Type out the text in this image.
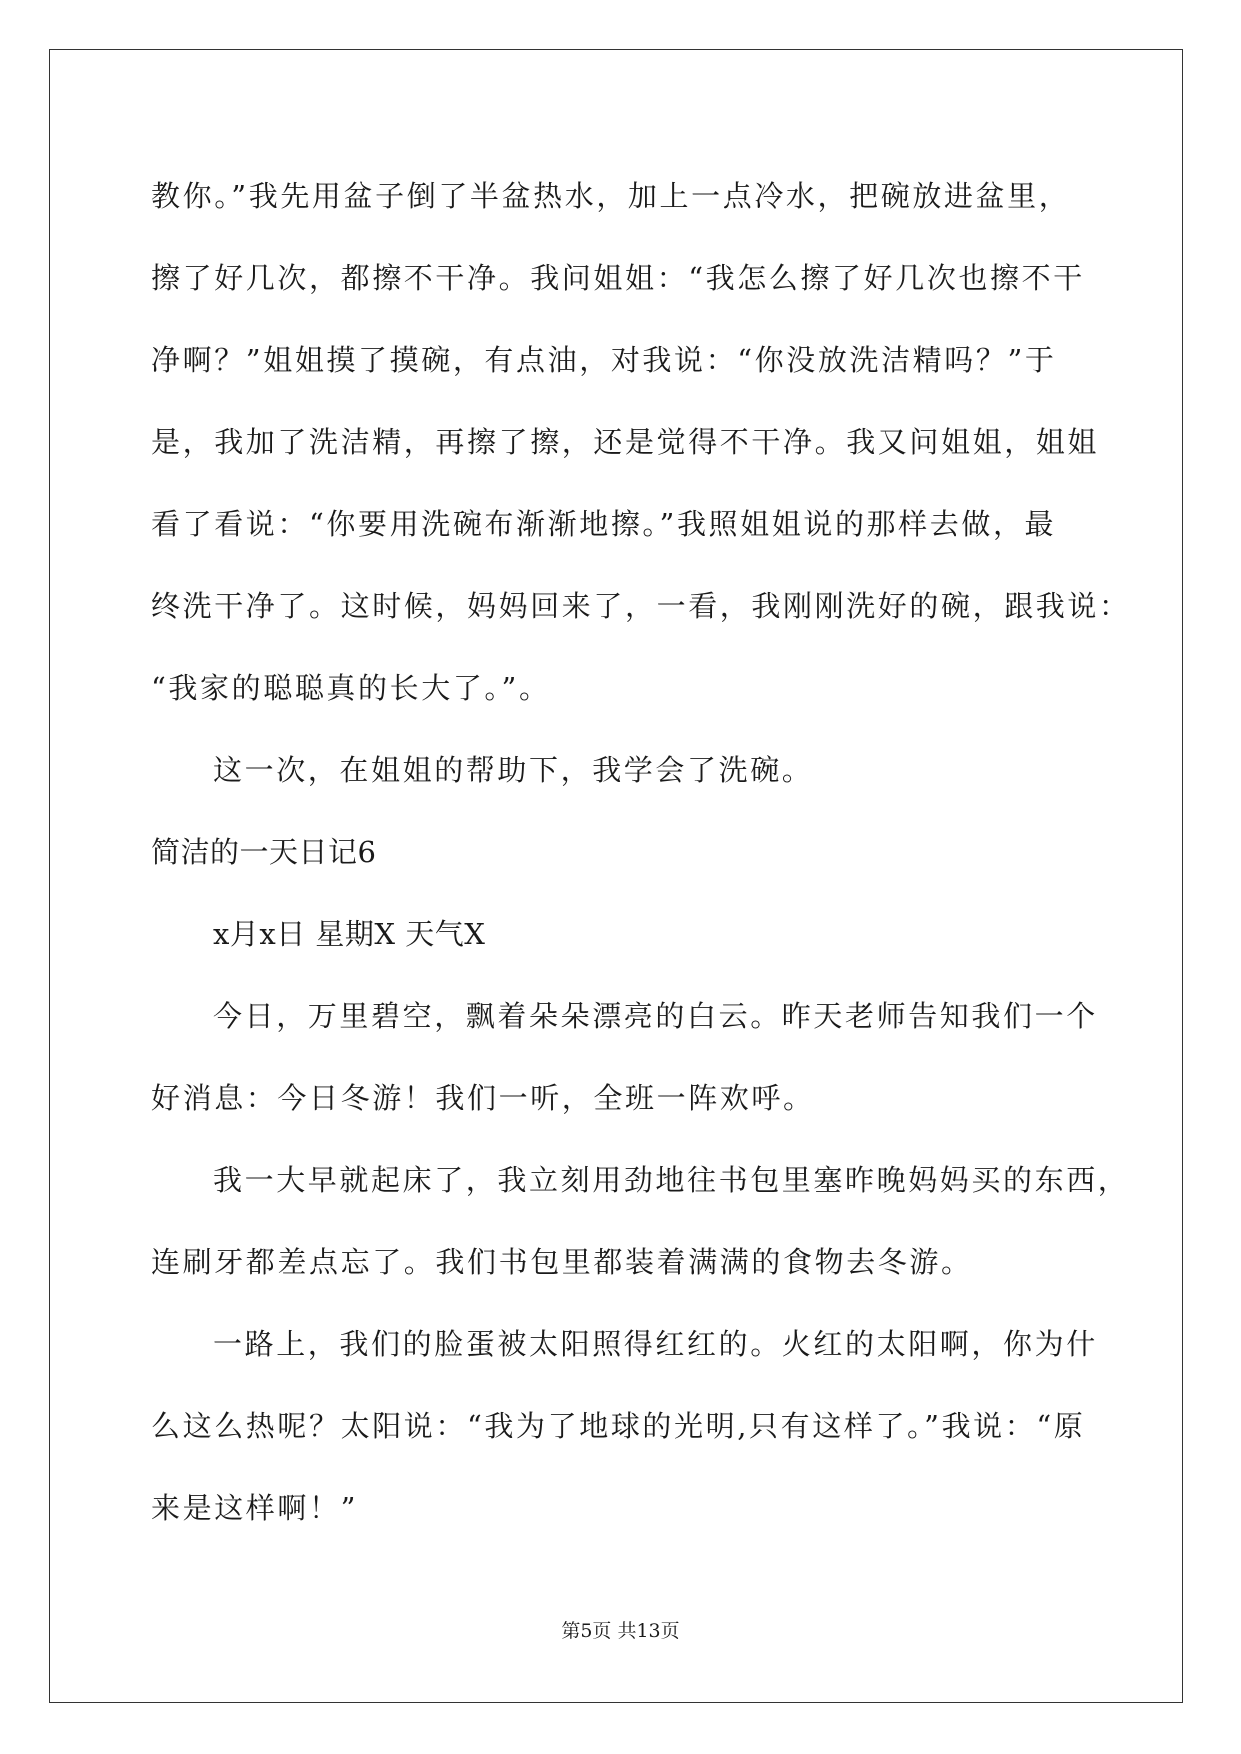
教你。”我先用盆子倒了半盆热水，加上一点冷水，把碗放进盆里，
擦了好几次，都擦不干净。我问姐姐：“我怎么擦了好几次也擦不干
净啊？”姐姐摸了摸碗，有点油，对我说：“你没放洗洁精吗？”于
是，我加了洗洁精，再擦了擦，还是觉得不干净。我又问姐姐，姐姐
看了看说：“你要用洗碗布渐渐地擦。”我照姐姐说的那样去做，最
终洗干净了。这时候，妈妈回来了，一看，我刚刚洗好的碗，跟我说：
“我家的聪聪真的长大了。”。
这一次，在姐姐的帮助下，我学会了洗碗。
简洁的一天日记6
x月x日 星期X 天气X
今日，万里碧空，飘着朵朵漂亮的白云。昨天老师告知我们一个
好消息：今日冬游！我们一听，全班一阵欢呼。
我一大早就起床了，我立刻用劲地往书包里塞昨晚妈妈买的东西，
连刷牙都差点忘了。我们书包里都装着满满的食物去冬游。
一路上，我们的脸蛋被太阳照得红红的。火红的太阳啊，你为什
么这么热呢？太阳说：“我为了地球的光明,只有这样了。”我说：“原
来是这样啊！”
第5页 共13页
